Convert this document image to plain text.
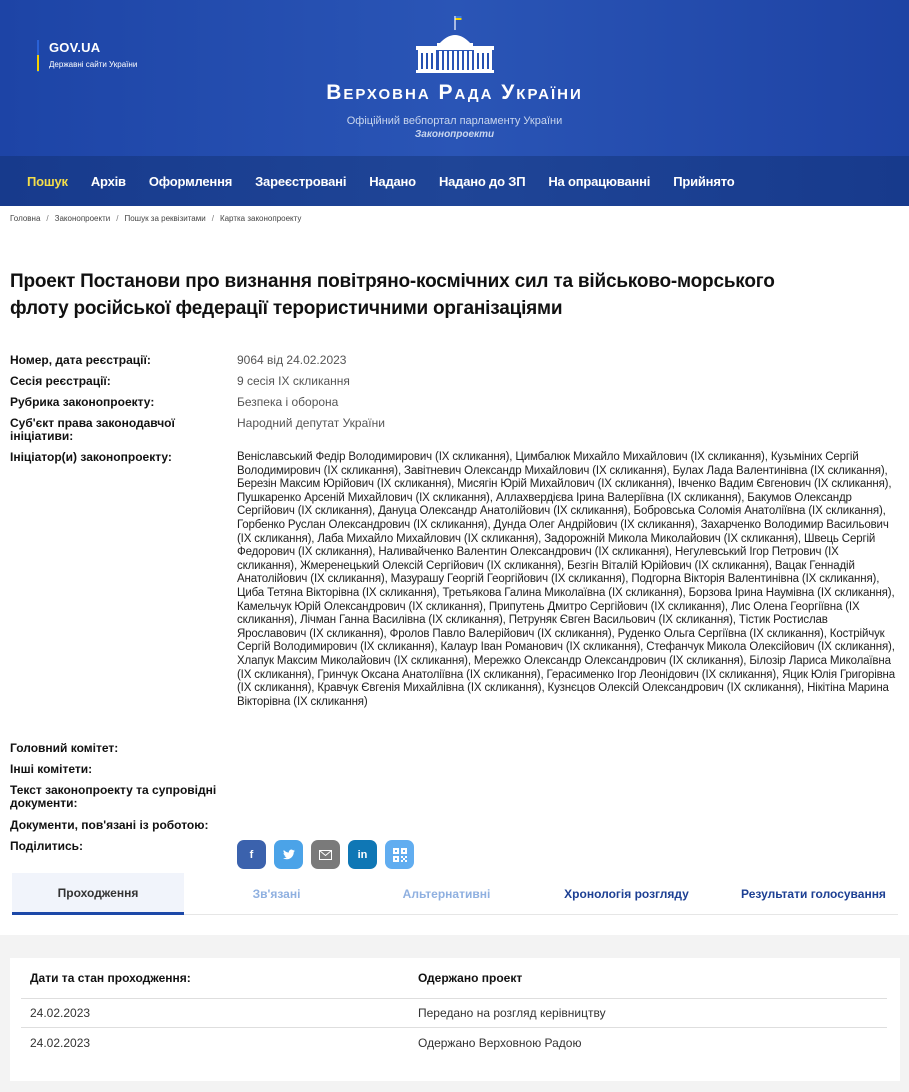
GOV.UA
Державні сайти України
Верховна Рада України
Офіційний вебпортал парламенту України
Законопроекти
Пошук Архів Оформлення Зареєстровані Надано Надано до ЗП На опрацюванні Прийнято
Головна / Законопроекти / Пошук за реквізитами / Картка законопроекту
Проект Постанови про визнання повітряно-космічних сил та військово-морського флоту російської федерації терористичними організаціями
Номер, дата реєстрації:	9064 від 24.02.2023
Сесія реєстрації:	9 сесія IX скликання
Рубрика законопроекту:	Безпека і оборона
Суб'єкт права законодавчої ініціативи:
Народний депутат України
Ініціатор(и) законопроекту:	Веніславський Федір Володимирович (IX скликання), Цимбалюк Михайло Михайлович (IX скликання), Кузьміних Сергій Володимирович (IX скликання), Завітневич Олександр Михайлович (IX скликання), Булах Лада Валентинівна (IX скликання), Березін Максим Юрійович (IX скликання), Мисягін Юрій Михайлович (IX скликання), Івченко Вадим Євгенович (IX скликання), Пушкаренко Арсеній Михайлович (IX скликання), Аллахвердієва Ірина Валеріївна (IX скликання), Бакумов Олександр Сергійович (IX скликання), Дануца Олександр Анатолійович (IX скликання), Бобровська Соломія Анатоліївна (IX скликання), Горбенко Руслан Олександрович (IX скликання), Дунда Олег Андрійович (IX скликання), Захарченко Володимир Васильович (IX скликання), Лаба Михайло Михайлович (IX скликання), Задорожній Микола Миколайович (IX скликання), Швець Сергій Федорович (IX скликання), Наливайченко Валентин Олександрович (IX скликання), Негулевський Ігор Петрович (IX скликання), Жмеренецький Олексій Сергійович (IX скликання), Безгін Віталій Юрійович (IX скликання), Вацак Геннадій Анатолійович (IX скликання), Мазурашу Георгій Георгійович (IX скликання), Подгорна Вікторія Валентинівна (IX скликання), Циба Тетяна Вікторівна (IX скликання), Третьякова Галина Миколаївна (IX скликання), Борзова Ірина Наумівна (IX скликання), Камельчук Юрій Олександрович (IX скликання), Припутень Дмитро Сергійович (IX скликання), Лис Олена Георгіївна (IX скликання), Лічман Ганна Василівна (IX скликання), Петруняк Євген Васильович (IX скликання), Тістик Ростислав Ярославович (IX скликання), Фролов Павло Валерійович (IX скликання), Руденко Ольга Сергіївна (IX скликання), Кострійчук Сергій Володимирович (IX скликання), Калаур Іван Романович (IX скликання), Стефанчук Микола Олексійович (IX скликання), Хлапук Максим Миколайович (IX скликання), Мережко Олександр Олександрович (IX скликання), Білозір Лариса Миколаївна (IX скликання), Гринчук Оксана Анатоліївна (IX скликання), Герасименко Ігор Леонідович (IX скликання), Яцик Юлія Григорівна (IX скликання), Кравчук Євгенія Михайлівна (IX скликання), Кузнєцов Олексій Олександрович (IX скликання), Нікітіна Марина Вікторівна (IX скликання)
Головний комітет:
Інші комітети:
Текст законопроекту та супровідні документи:
Документи, пов'язані із роботою:
Поділитись:
f	in
Проходження	Зв'язані	Альтернативні	Хронологія розгляду	Результати голосування
Дати та стан проходження:	Одержано проект
24.02.2023	Передано на розгляд керівництву
24.02.2023	Одержано Верховною Радою
